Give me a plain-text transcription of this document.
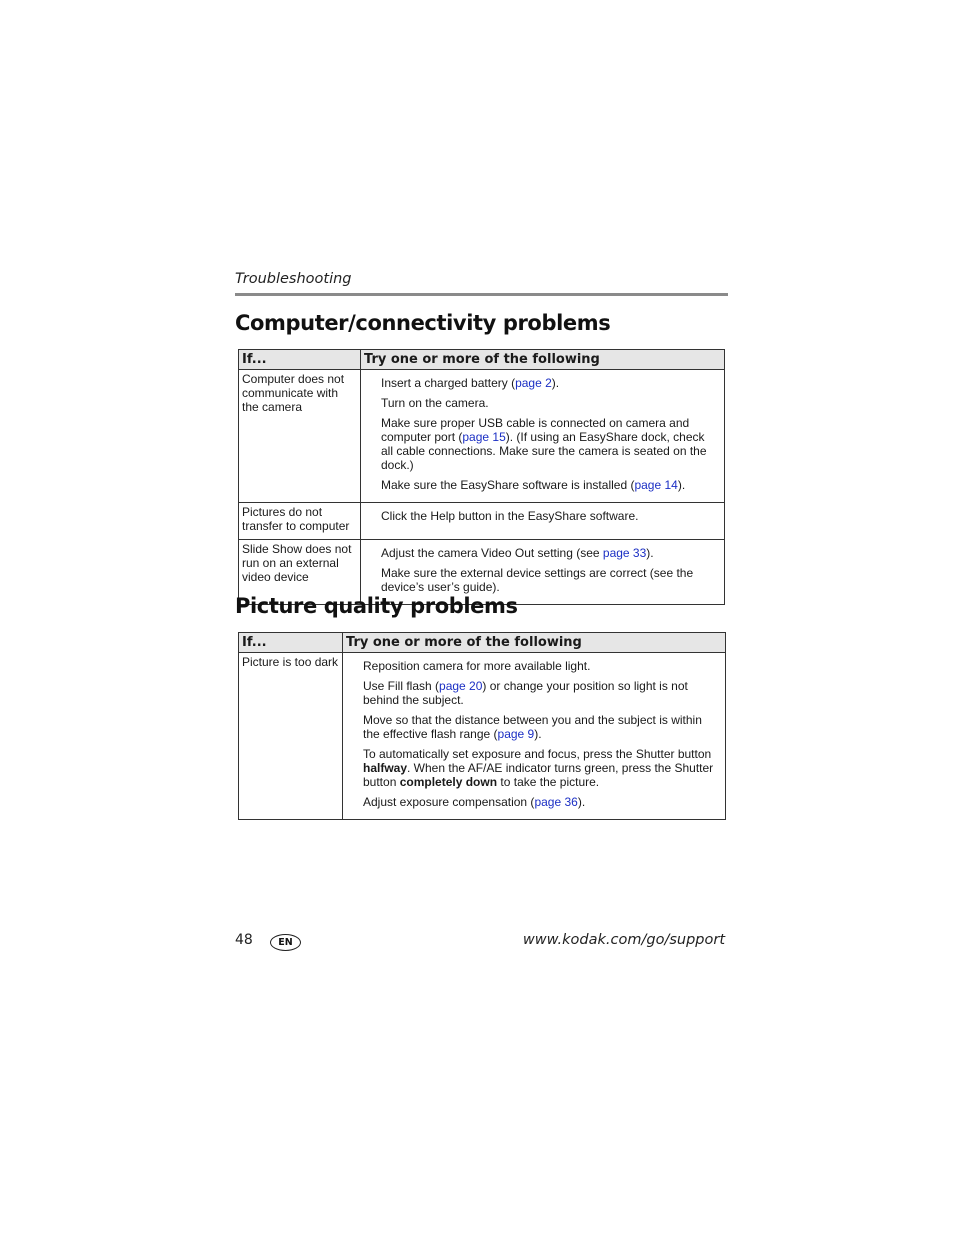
Troubleshooting
Computer/connectivity problems
If...	Try one or more of the following
Computer does not communicate with the camera	Insert a charged battery (page 2).

Turn on the camera.

Make sure proper USB cable is connected on camera and computer port (page 15). (If using an EasyShare dock, check all cable connections. Make sure the camera is seated on the dock.)

Make sure the EasyShare software is installed (page 14).

Pictures do not transfer to computer	Click the Help button in the EasyShare software.

Slide Show does not run on an external video device	Adjust the camera Video Out setting (see page 33).

Make sure the external device settings are correct (see the device’s user’s guide).

Picture quality problems
If...	Try one or more of the following
Picture is too dark	Reposition camera for more available light.

Use Fill flash (page 20) or change your position so light is not behind the subject.

Move so that the distance between you and the subject is within the effective flash range (page 9).

To automatically set exposure and focus, press the Shutter button halfway. When the AF/AE indicator turns green, press the Shutter button completely down to take the picture.

Adjust exposure compensation (page 36).

48	EN	www.kodak.com/go/support
